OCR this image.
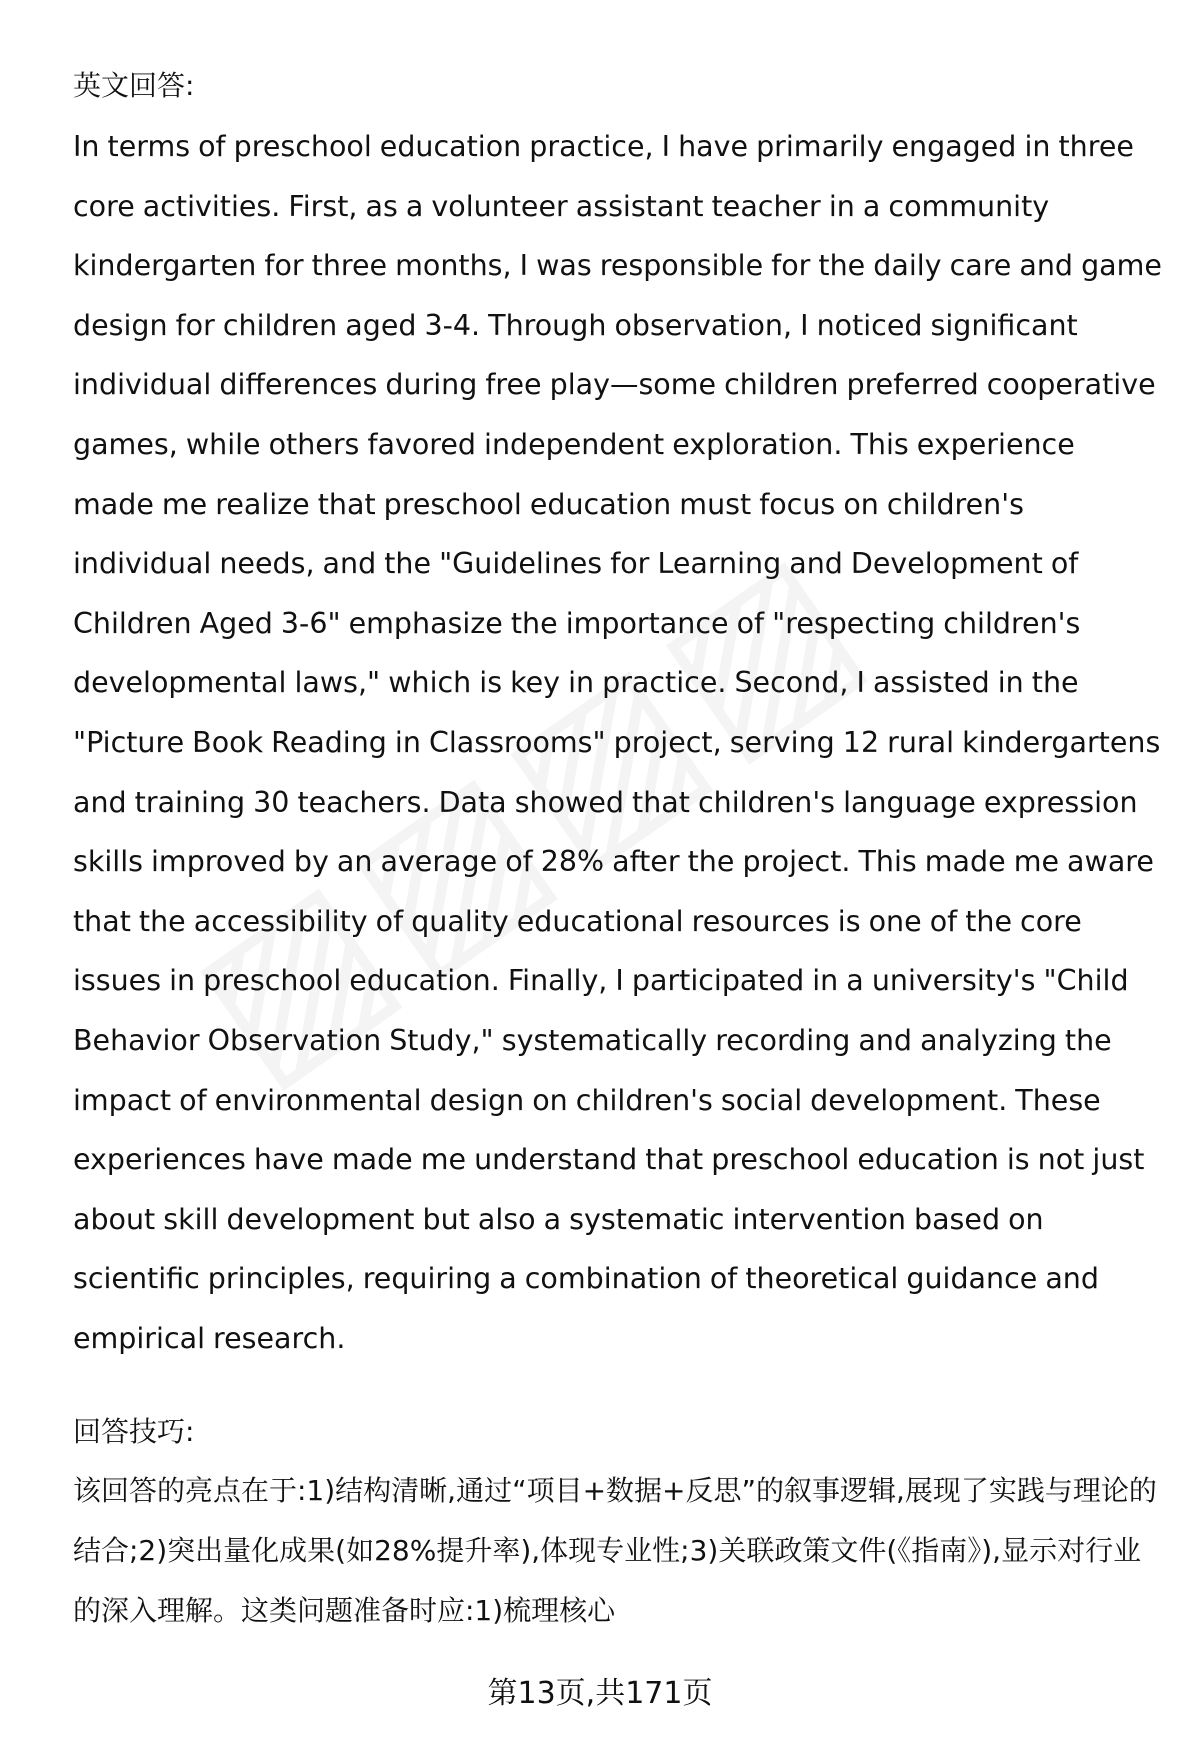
英文回答:

In terms of preschool education practice, I have primarily engaged in three core activities. First, as a volunteer assistant teacher in a community kindergarten for three months, I was responsible for the daily care and game design for children aged 3-4. Through observation, I noticed significant individual differences during free play—some children preferred cooperative games, while others favored independent exploration. This experience made me realize that preschool education must focus on children's individual needs, and the "Guidelines for Learning and Development of Children Aged 3-6" emphasize the importance of "respecting children's developmental laws," which is key in practice. Second, I assisted in the "Picture Book Reading in Classrooms" project, serving 12 rural kindergartens and training 30 teachers. Data showed that children's language expression skills improved by an average of 28% after the project. This made me aware that the accessibility of quality educational resources is one of the core issues in preschool education. Finally, I participated in a university's "Child Behavior Observation Study," systematically recording and analyzing the impact of environmental design on children's social development. These experiences have made me understand that preschool education is not just about skill development but also a systematic intervention based on scientific principles, requiring a combination of theoretical guidance and empirical research.

回答技巧:

该回答的亮点在于:1)结构清晰,通过“项目+数据+反思”的叙事逻辑,展现了实践与理论的结合;2)突出量化成果(如28%提升率),体现专业性;3)关联政策文件(《指南》),显示对行业的深入理解。这类问题准备时应:1)梳理核心

第13页,共171页
